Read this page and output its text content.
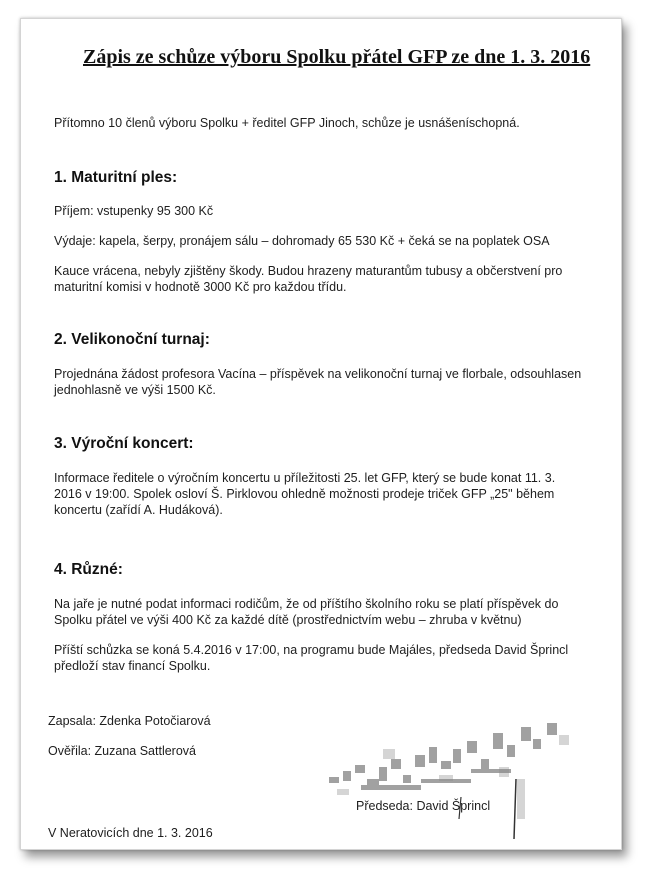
Zápis ze schůze výboru Spolku přátel GFP ze dne 1. 3. 2016

Přítomno 10 členů výboru Spolku + ředitel GFP Jinoch, schůze je usnášeníschopná.

1. Maturitní ples:

Příjem: vstupenky 95 300 Kč

Výdaje: kapela, šerpy, pronájem sálu – dohromady 65 530 Kč + čeká se na poplatek OSA

Kauce vrácena, nebyly zjištěny škody. Budou hrazeny maturantům tubusy a občerstvení pro

maturitní komisi v hodnotě 3000 Kč pro každou třídu.

2. Velikonoční turnaj:

Projednána žádost profesora Vacína – příspěvek na velikonoční turnaj ve florbale, odsouhlasen

jednohlasně ve výši 1500 Kč.

3. Výroční koncert:

Informace ředitele o výročním koncertu u příležitosti 25. let GFP, který se bude konat 11. 3.

2016 v 19:00. Spolek osloví Š. Pirklovou ohledně možnosti prodeje triček GFP „25" během

koncertu (zařídí A. Hudáková).

4. Různé:

Na jaře je nutné podat informaci rodičům, že od příštího školního roku se platí příspěvek do

Spolku přátel ve výši 400 Kč za každé dítě (prostřednictvím webu – zhruba v květnu)

Příští schůzka se koná 5.4.2016 v 17:00, na programu bude Majáles, předseda David Šprincl

předloží stav financí Spolku.

Zapsala: Zdenka Potočiarová

Ověřila: Zuzana Sattlerová

Předseda: David Šprincl

V Neratovicích dne 1. 3. 2016
